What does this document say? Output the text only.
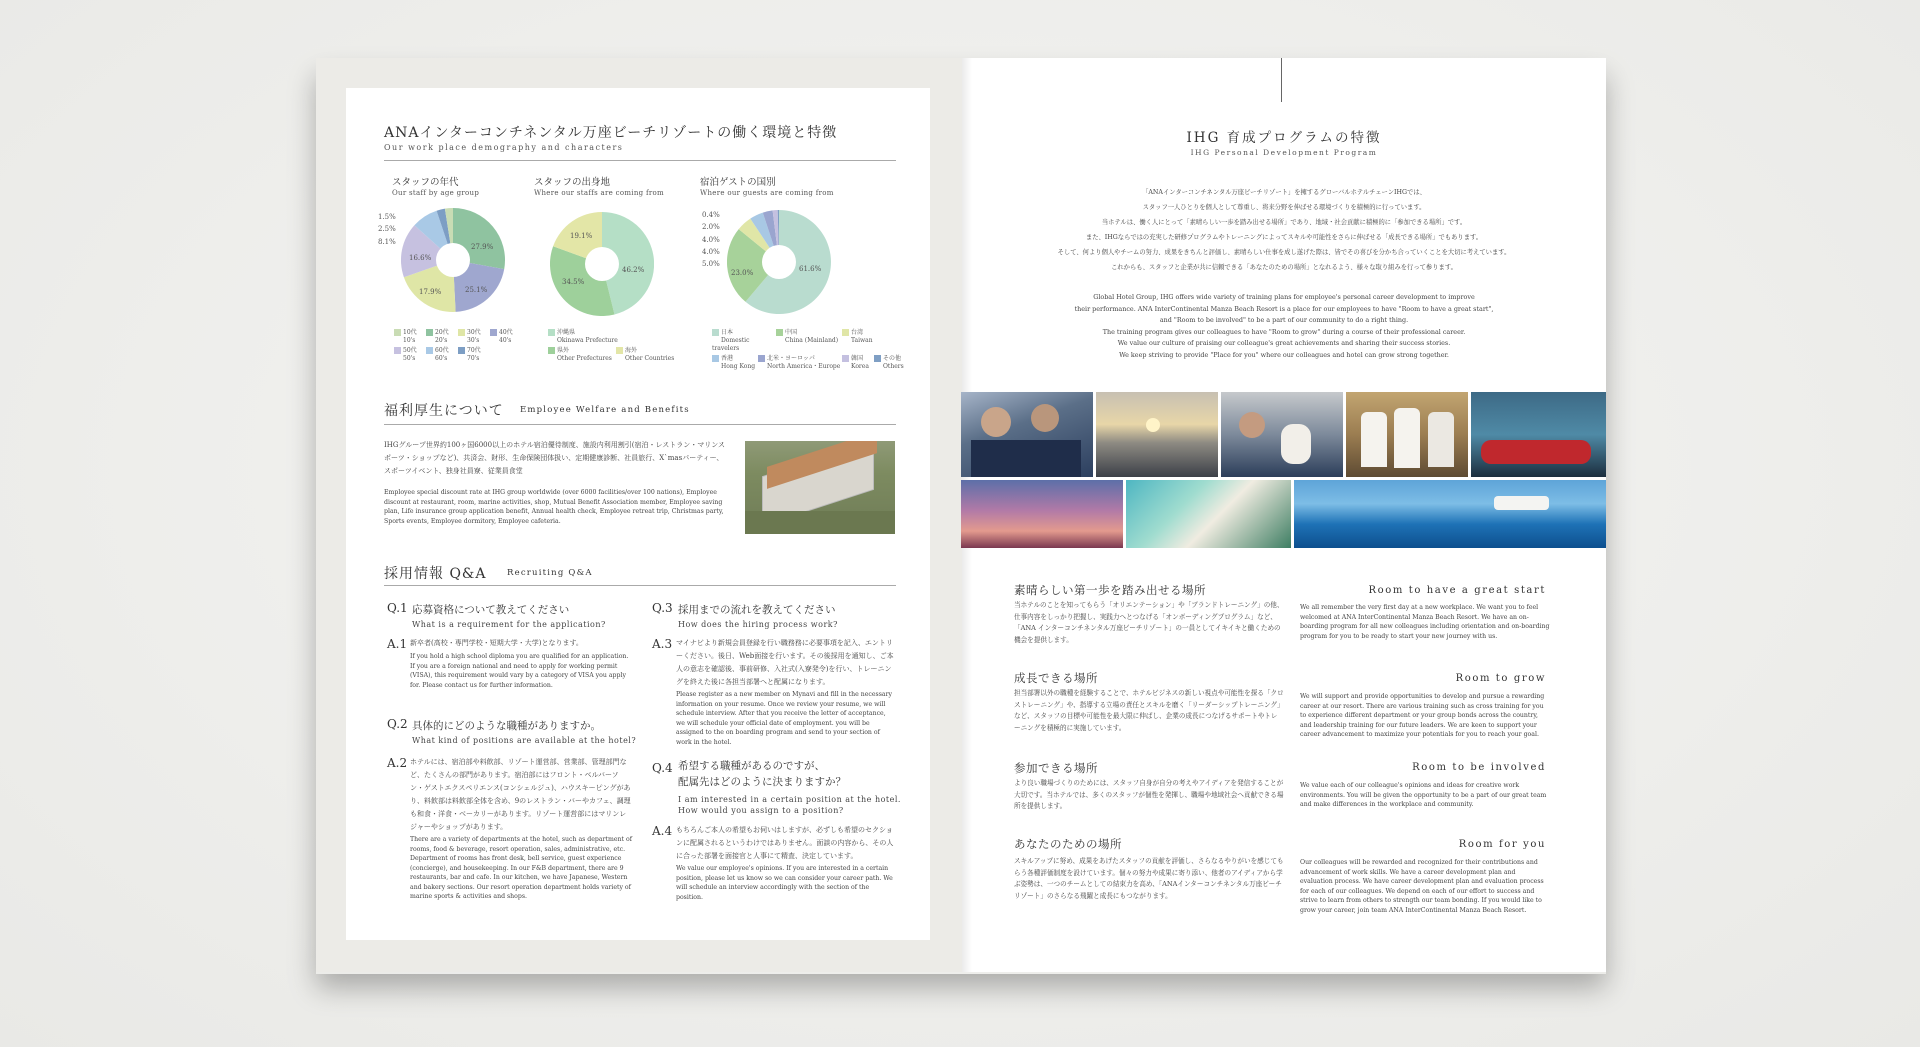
ANAインターコンチネンタル万座ビーチリゾートの働く環境と特徴
Our work place demography and characters
スタッフの年代
Our staff by age group
1.5%
2.5%
8.1%
27.9%
16.6%
17.9%	25.1%
10代
10's
20代
20's
30代
30's
40代
40's
50代
50's
60代
60's
70代
70's
スタッフの出身地
Where our staffs are coming from
19.1%
46.2%
34.5%
沖縄県
Okinawa Prefecture
県外
Other Prefectures
海外
Other Countries
宿泊ゲストの国別
Where our guests are coming from
0.4%
2.0%
4.0%
4.0%
5.0%
23.0%	61.6%
日本
Domestic travelers
中国
China (Mainland)
台湾
Taiwan
香港
Hong Kong
北米・ヨーロッパ
North America・Europe
韓国
Korea
その他
Others
福利厚生について Employee Welfare and Benefits
IHGグループ世界約100ヶ国6000以上のホテル宿泊優待制度、施設内利用割引(宿泊・レストラン・マリンスポーツ・ショップなど)、共済会、財形、生命保険団体扱い、定期健康診断、社員旅行、X`masパーティー、スポーツイベント、独身社員寮、従業員食堂
Employee special discount rate at IHG group worldwide (over 6000 facilities/over 100 nations), Employee discount at restaurant, room, marine activities, shop, Mutual Benefit Association member, Employee saving plan, Life insurance group application benefit, Annual health check, Employee retreat trip, Christmas party, Sports events, Employee dormitory, Employee cafeteria.
採用情報 Q&A Recruiting Q&A
Q.1 応募資格について教えてください
What is a requirement for the application?
A.1 新卒者(高校・専門学校・短期大学・大学)となります。
If you hold a high school diploma you are qualified for an application. If you are a foreign national and need to apply for working permit (VISA), this requirement would vary by a category of VISA you apply for. Please contact us for further information.
Q.2 具体的にどのような職種がありますか。
What kind of positions are available at the hotel?
A.2 ホテルには、宿泊部や料飲部、リゾート運営部、営業部、管理部門など、たくさんの部門があります。宿泊部にはフロント・ベルバーソン・ゲストエクスペリエンス(コンシェルジュ)、ハウスキーピングがあり、料飲部は料飲部全体を含め、9のレストラン・バーやカフェ、調理も和食・洋食・ベーカリーがあります。リゾート運営部にはマリンレジャーやショップがあります。
There are a variety of departments at the hotel, such as department of rooms, food & beverage, resort operation, sales, administrative, etc. Department of rooms has front desk, bell service, guest experience (concierge), and housekeeping. In our F&B department, there are 9 restaurants, bar and cafe. In our kitchen, we have Japanese, Western and bakery sections. Our resort operation department holds variety of marine sports & activities and shops.
Q.3 採用までの流れを教えてください
How does the hiring process work?
A.3 マイナビより新規会員登録を行い職務務に必要事項を記入、エントリーください。後日、Web面接を行います。その後採用を通知し、ご本人の意志を確認後、事前研修、入社式(入寮発令)を行い、トレーニングを終えた後に各担当部署へと配属になります。
Please register as a new member on Mynavi and fill in the necessary information on your resume. Once we review your resume, we will schedule interview. After that you receive the letter of acceptance, we will schedule your official date of employment. you will be assigned to the on boarding program and send to your section of work in the hotel.
Q.4 希望する職種があるのですが、
配属先はどのように決まりますか？
I am interested in a certain position at the hotel.
How would you assign to a position?
A.4 もちろんご本人の希望もお伺いはしますが、必ずしも希望のセクションに配属されるというわけではありません。面談の内容から、その人に合った部署を面接官と人事にて精査、決定しています。
We value our employee's opinions. If you are interested in a certain position, please let us know so we can consider your career path. We will schedule an interview accordingly with the section of the position.
IHG 育成プログラムの特徴
IHG Personal Development Program
「ANAインターコンチネンタル万座ビーチリゾート」を擁するグローバルホテルチェーンIHGでは、
スタッフ一人ひとりを個人として尊重し、将来分野を伸ばせる環境づくりを積極的に行っています。
当ホテルは、働く人にとって「素晴らしい一歩を踏み出せる場所」であり、地域・社会貢献に積極的に「参加できる場所」です。
また、IHGならではの充実した研修プログラムやトレーニングによってスキルや可能性をさらに伸ばせる「成長できる場所」でもあります。
そして、何より個人やチームの努力、成果をきちんと評価し、素晴らしい仕事を成し遂げた際は、皆でその喜びを分かち合っていくことを大切に考えています。
これからも、スタッフと企業が共に信頼できる「あなたのための場所」となれるよう、様々な取り組みを行って参ります。
Global Hotel Group, IHG offers wide variety of training plans for employee's personal career development to improve
their performance. ANA InterContinental Manza Beach Resort is a place for our employees to have "Room to have a great start",
and "Room to be involved" to be a part of our community to do a right thing.
The training program gives our colleagues to have "Room to grow" during a course of their professional career.
We value our culture of praising our colleague's great achievements and sharing their success stories.
We keep striving to provide "Place for you" where our colleagues and hotel can grow strong together.
素晴らしい第一歩を踏み出せる場所	Room to have a great start
当ホテルのことを知ってもらう「オリエンテーション」や「ブランドトレーニング」の他、仕事内容をしっかり把握し、実践力へとつなげる「オンボーディングプログラム」など、「ANA インターコンチネンタル万座ビーチリゾート」の一員としてイキイキと働くための機会を提供します。
We all remember the very first day at a new workplace. We want you to feel welcomed at ANA InterContinental Manza Beach Resort. We have an on-boarding program for all new colleagues including orientation and on-boarding program for you to be ready to start your new journey with us.
成長できる場所	Room to grow
担当部署以外の職種を経験することで、ホテルビジネスの新しい視点や可能性を探る「クロストレーニング」や、指導する立場の責任とスキルを磨く「リーダーシップトレーニング」など、スタッフの目標や可能性を最大限に伸ばし、企業の成長につなげるサポートやトレーニングを積極的に実施しています。
We will support and provide opportunities to develop and pursue a rewarding career at our resort. There are various training such as cross training for you to experience different department or your group bonds across the country, and leadership training for our future leaders. We are keen to support your career advancement to maximize your potentials for you to reach your goal.
参加できる場所	Room to be involved
より良い職場づくりのためには、スタッフ自身が自分の考えやアイディアを発信することが大切です。当ホテルでは、多くのスタッフが個性を発揮し、職場や地域社会へ貢献できる場所を提供します。
We value each of our colleague's opinions and ideas for creative work environments. You will be given the opportunity to be a part of our great team and make differences in the workplace and community.
あなたのための場所	Room for you
スキルアップに努め、成果をあげたスタッフの貢献を評価し、さらなるやりがいを感じてもらう各種評価制度を設けています。個々の努力や成果に寄り添い、他者のアイディアから学ぶ姿勢は、一つのチームとしての結束力を高め、「ANAインターコンチネンタル万座ビーチリゾート」のさらなる飛躍と成長にもつながります。
Our colleagues will be rewarded and recognized for their contributions and advancement of work skills. We have a career development plan and evaluation process. We have career development plan and evaluation process for each of our colleagues. We depend on each of our effort to success and strive to learn from others to strength our team bonding. If you would like to grow your career, join team ANA InterContinental Manza Beach Resort.
